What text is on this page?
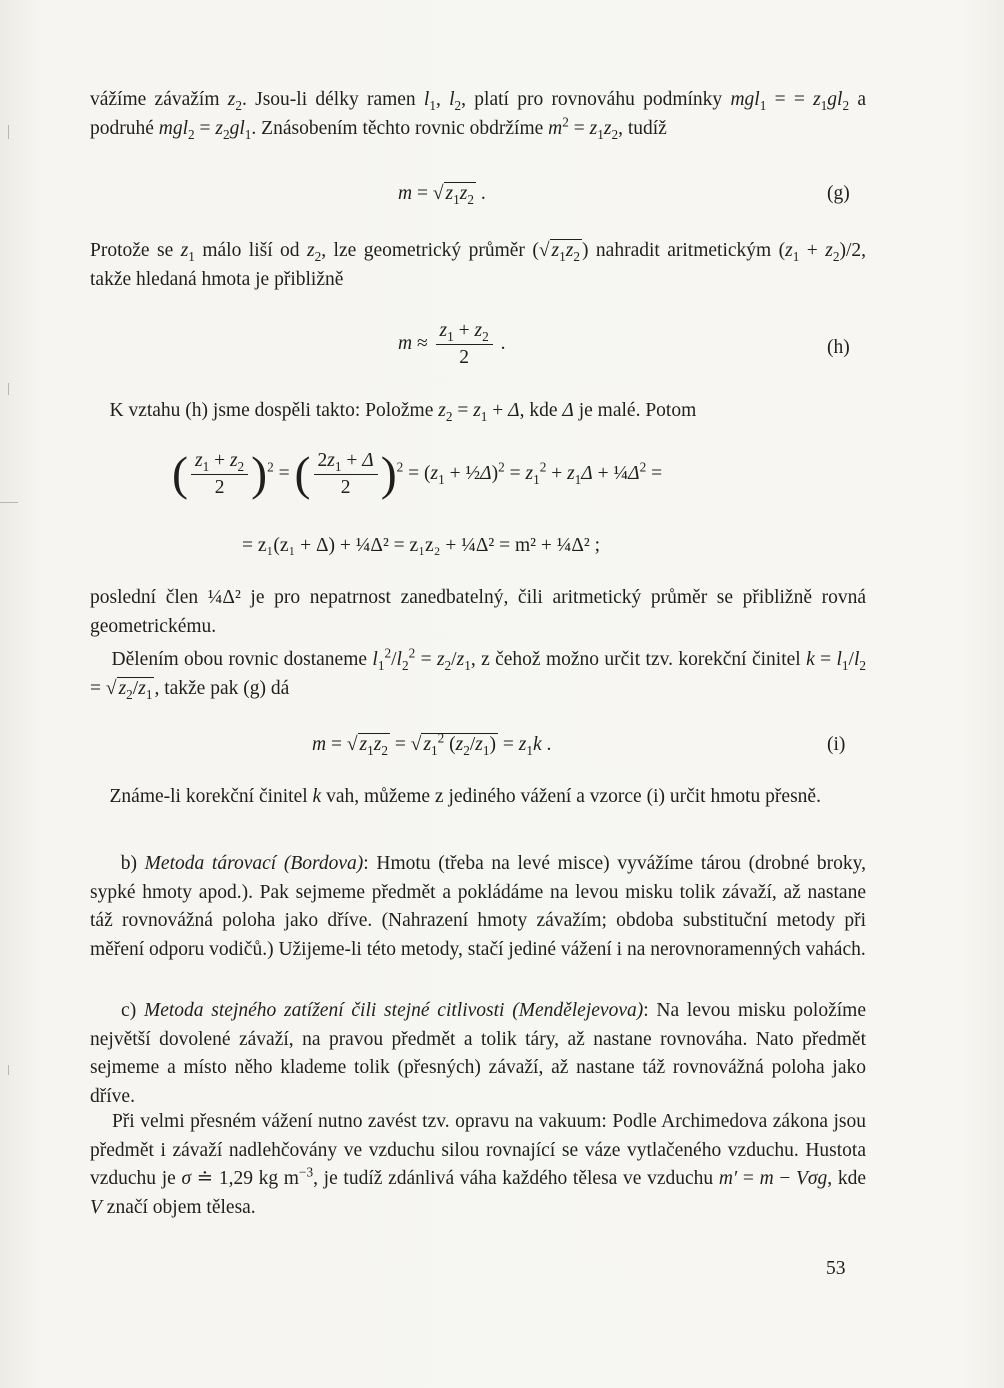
vážíme závažím $z_2$. Jsou-li délky ramen $l_1$, $l_2$, platí pro rovnováhu podmínky mgl$_1$ = = $z_1gl_2$ a podruhé $mgl_2 = z_2gl_1$. Znásobením těchto rovnic obdržíme $m^2 = z_1z_2$, tudíž

m = √ $z_1z_2$ .	(g)

Protože se $z_1$ málo liší od $z_2$, lze geometrický průměr (√ $z_1z_2$ ) nahradit aritmetickým $(z_1 + z_2)/2$, takže hledaná hmota je přibližně

$m \approx \frac{z_1 + z_2}{2}$ .	(h)

K vztahu (h) jsme dospěli takto: Položme $z_2 = z_1 + \Delta$, kde Δ je malé. Potom

( $\frac{z_1 + z_2}{2} )^2$ = ( $\frac{2z_1 + \Delta}{2} )^2 = (z_1$ + ½Δ)$^2$ = $z_1^2 + z_1\Delta$ + $\frac{1}{4}\Delta^2$ =
= z₁(z₁ + Δ) + ¼Δ² = z₁z₂ + ¼Δ² = m² + ¼Δ² ;

poslední člen ¼Δ² je pro nepatrnost zanedbatelný, čili aritmetický průměr se přibližně rovná geometrickému.

Dělením obou rovnic dostaneme $l_1^2/l_2^2 = z_2/z_1$, z čehož možno určit tzv. korekční činitel $k = l_1/l_2$ = √ $z_2/z_1$ , takže pak (g) dá

m = √ $z_1z_2$ = √ $z_1^2$ $(z_2/z_1) = z_1k$ .	(i)

Známe-li korekční činitel k vah, můžeme z jediného vážení a vzorce (i) určit hmotu přesně.

b) Metoda tárovací (Bordova): Hmotu (třeba na levé misce) vyvážíme tárou (drobné broky, sypké hmoty apod.). Pak sejmeme předmět a pokládáme na levou misku tolik závaží, až nastane táž rovnovážná poloha jako dříve. (Nahrazení hmoty závažím; obdoba substituční metody při měření odporu vodičů.) Užijeme-li této metody, stačí jediné vážení i na nerovnoramenných vahách.

c) Metoda stejného zatížení čili stejné citlivosti (Mendělejevova): Na levou misku položíme největší dovolené závaží, na pravou předmět a tolik táry, až nastane rovnováha. Nato předmět sejmeme a místo něho klademe tolik (přesných) závaží, až nastane táž rovnovážná poloha jako dříve.

Při velmi přesném vážení nutno zavést tzv. opravu na vakuum: Podle Archimedova zákona jsou předmět i závaží nadlehčovány ve vzduchu silou rovnající se váze vytlačeného vzduchu. Hustota vzduchu je σ ≐ 1,29 kg $m^{-3}$, je tudíž zdánlivá váha každého tělesa ve vzduchu m′ = m − Vσg, kde V značí objem tělesa.

53
